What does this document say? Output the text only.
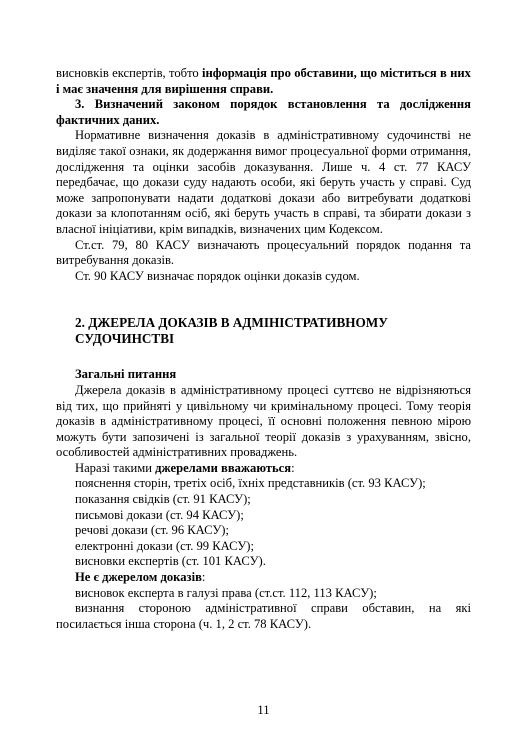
висновків експертів, тобто інформація про обставини, що міститься в них і має значення для вирішення справи.

3. Визначений законом порядок встановлення та дослідження фактичних даних.

Нормативне визначення доказів в адміністративному судочинстві не виділяє такої ознаки, як додержання вимог процесуальної форми отримання, дослідження та оцінки засобів доказування. Лише ч. 4 ст. 77 КАСУ передбачає, що докази суду надають особи, які беруть участь у справі. Суд може запропонувати надати додаткові докази або витребувати додаткові докази за клопотанням осіб, які беруть участь в справі, та збирати докази з власної ініціативи, крім випадків, визначених цим Кодексом.

Ст.ст. 79, 80 КАСУ визначають процесуальний порядок подання та витребування доказів.

Ст. 90 КАСУ визначає порядок оцінки доказів судом.

2. ДЖЕРЕЛА ДОКАЗІВ В АДМІНІСТРАТИВНОМУ СУДОЧИНСТВІ

Загальні питання

Джерела доказів в адміністративному процесі суттєво не відрізняються від тих, що прийняті у цивільному чи кримінальному процесі. Тому теорія доказів в адміністративному процесі, її основні положення певною мірою можуть бути запозичені із загальної теорії доказів з урахуванням, звісно, особливостей адміністративних проваджень.

Наразі такими джерелами вважаються:

пояснення сторін, третіх осіб, їхніх представників (ст. 93 КАСУ);

показання свідків (ст. 91 КАСУ);

письмові докази (ст. 94 КАСУ);

речові докази (ст. 96 КАСУ);

електронні докази (ст. 99 КАСУ);

висновки експертів (ст. 101 КАСУ).

Не є джерелом доказів:

висновок експерта в галузі права (ст.ст. 112, 113 КАСУ);

визнання стороною адміністративної справи обставин, на які посилається інша сторона (ч. 1, 2 ст. 78 КАСУ).

11
